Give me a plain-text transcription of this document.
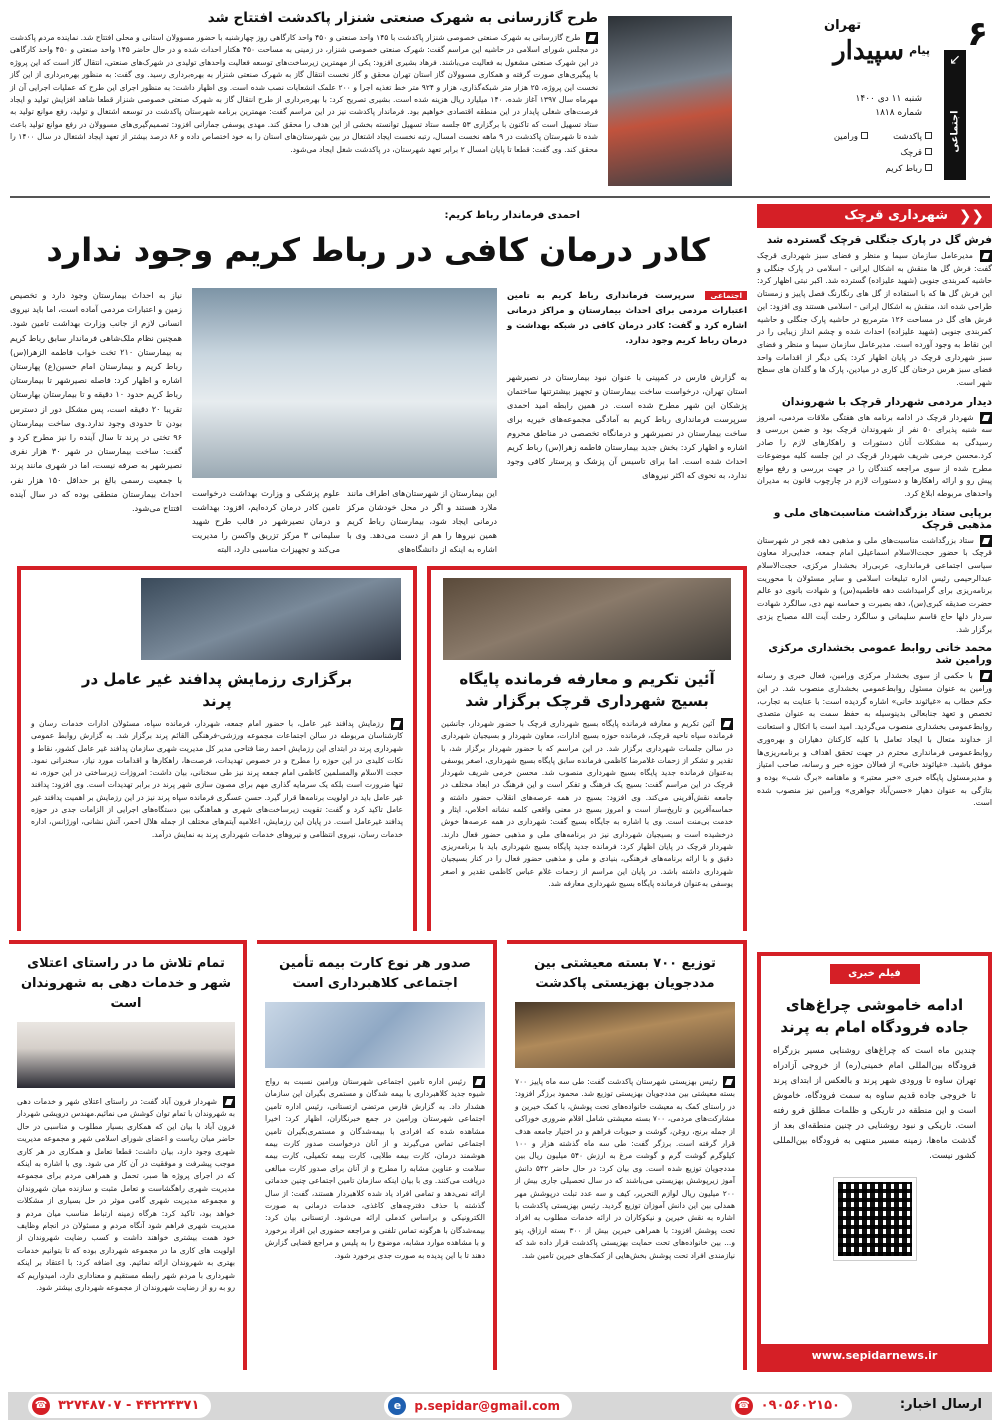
۶
تهران
پیام
سپیدار
شنبه ۱۱ دی ۱۴۰۰
شماره ۱۸۱۸
↙
اجتماعی
پاکدشت
ورامین
قرچک
رباط کریم
طرح گازرسانی به شهرک صنعتی شنزار پاکدشت افتتاح شد
طرح گازرسانی به شهرک صنعتی خصوصی شنزار پاکدشت با ۱۴۵ واحد صنعتی و ۴۵۰ واحد کارگاهی روز چهارشنبه با حضور مسوولان استانی و محلی افتتاح شد. نماینده مردم پاکدشت در مجلس شورای اسلامی در حاشیه این مراسم گفت: شهرک صنعتی خصوصی شنزار، در زمینی به مساحت ۴۵۰ هکتار احداث شده و در حال حاضر ۱۴۵ واحد صنعتی و ۴۵۰ واحد کارگاهی در این شهرک صنعتی مشغول به فعالیت می‌باشند. فرهاد بشیری افزود: یکی از مهمترین زیرساخت‌های توسعه فعالیت واحدهای تولیدی در شهرک‌های صنعتی، انتقال گاز است که این پروژه با پیگیری‌های صورت گرفته و همکاری مسوولان گاز استان تهران محقق و گاز نخست انتقال گاز به شهرک صنعتی شنزار به بهره‌برداری رسید. وی گفت: به منظور بهره‌برداری از این گاز نخست این پروژه، ۲۵ هزار متر شبکه‌گذاری، هزار و ۹۲۴ متر خط تغذیه اجرا و ۲۰۰ علمک انشعابات نصب شده است. وی اظهار داشت: به منظور اجرای این طرح که عملیات اجرایی آن از مهرماه سال ۱۳۹۷ آغاز شده، ۱۴۰ میلیارد ریال هزینه شده است. بشیری تصریح کرد: با بهره‌برداری از طرح انتقال گاز به شهرک صنعتی خصوصی شنزار قطعا شاهد افزایش تولید و ایجاد فرصت‌های شغلی پایدار در این منطقه اقتصادی خواهیم بود. فرماندار پاکدشت نیز در این مراسم گفت: مهمترین برنامه شهرستان پاکدشت در توسعه اشتغال و تولید، رفع موانع تولید به ستاد تسهیل است که تاکنون با برگزاری ۵۳ جلسه ستاد تسهیل توانسته بخشی از این هدف را محقق کند. مهدی یوسفی جمارانی افزود: تصمیم‌گیری‌های مسوولان در رفع موانع تولید باعث شده تا شهرستان پاکدشت در ۹ ماهه نخست امسال، رتبه نخست ایجاد اشتغال در بین شهرستان‌های استان را به خود اختصاص داده و ۸۶ درصد بیشتر از تعهد ایجاد اشتغال در سال ۱۴۰۰ را محقق کند. وی گفت: قطعا تا پایان امسال ۲ برابر تعهد شهرستان، در پاکدشت شغل ایجاد می‌شود.
❮❮
شهرداری قرچک
فرش گل در پارک جنگلی قرچک گسترده شد
مدیرعامل سازمان سیما و منظر و فضای سبز شهرداری قرچک گفت: فرش گل ها منقش به اشکال ایرانی - اسلامی در پارک جنگلی و حاشیه کمربندی جنوبی (شهید علیزاده) گسترده شد. اکبر نبتی اظهار کرد: این فرش گل ها که با استفاده از گل های رنگارنگ فصل پاییز و زمستان طراحی شده اند، منقش به اشکال ایرانی - اسلامی هستند وی افزود: این فرش های گل در مساحت ۱۲۶ مترمربع در حاشیه پارک جنگلی و حاشیه کمربندی جنوبی (شهید علیزاده) احداث شده و چشم انداز زیبایی را در این نقاط به وجود آورده است. مدیرعامل سازمان سیما و منظر و فضای سبز شهرداری قرچک در پایان اظهار کرد: یکی دیگر از اقدامات واحد فضای سبز هرس درختان گل کاری در میادین، پارک ها و گلدان های سطح شهر است.
دیدار مردمی شهردار قرچک با شهروندان
شهردار قرچک در ادامه برنامه های هفتگی ملاقات مردمی، امروز سه شنبه پذیرای ۵۰ نفر از شهروندان قرچک بود و ضمن بررسی و رسیدگی به مشکلات آنان دستورات و راهکارهای لازم را صادر کرد.محسن خرمی شریف شهردار قرچک در این جلسه کلیه موضوعات مطرح شده از سوی مراجعه کنندگان را در جهت بررسی و رفع موانع پیش رو و ارائه راهکارها و دستورات لازم در چارچوب قانون به مدیران واحدهای مربوطه ابلاغ کرد.
برپایی ستاد بزرگداشت مناسبت‌های ملی و مذهبی قرچک
ستاد بزرگداشت مناسبت‌های ملی و مذهبی دهه فجر در شهرستان قرچک با حضور حجت‌الاسلام اسماعیلی امام جمعه، خدایی‌راد معاون سیاسی اجتماعی فرمانداری، عربی‌راد بخشدار مرکزی، حجت‌الاسلام عبدالرحیمی رئیس اداره تبلیغات اسلامی و سایر مسئولان با محوریت برنامه‌ریزی برای گرامیداشت دهه فاطمیه(س) و شهادت بانوی دو عالم حضرت صدیقه کبری(س)، دهه بصیرت و حماسه نهم دی، سالگرد شهادت سردار دلها حاج قاسم سلیمانی و سالگرد رحلت آیت الله مصباح یزدی برگزار شد.
محمد خانی روابط عمومی بخشداری مرکزی ورامین شد
با حکمی از سوی بخشدار مرکزی ورامین، فعال خبری و رسانه ورامین به عنوان مسئول روابط‌عمومی بخشداری منصوب شد. در این حکم خطاب به «غیاثوند خانی» اشاره گردیده است: با عنایت به تجارب، تخصص و تعهد جنابعالی بدینوسیله به حفظ سمت به عنوان متصدی روابط‌عمومی بخشداری منصوب می‌گردید. امید است با اتکال و استعانت از خداوند متعال با ایجاد تعامل با کلیه کارکنان دهیاران و بهره‌وری روابط‌عمومی فرمانداری محترم در جهت تحقق اهداف و برنامه‌ریزی‌ها موفق باشید. «غیاثوند خانی» از فعالان حوزه خبر و رسانه، صاحب امتیاز و مدیرمسئول پایگاه خبری «خبر معتبر» و ماهنامه «برگ شب» بوده و بتازگی به عنوان دهیار «حسن‌آباد جواهری» ورامین نیز منصوب شده است.
فیلم خبری
ادامه خاموشی چراغ‌های جاده فرودگاه امام به پرند
چندین ماه است که چراغ‌های روشنایی مسیر بزرگراه فرودگاه بین‌المللی امام خمینی(ره) از خروجی آزادراه تهران ساوه تا ورودی شهر پرند و بالعکس از ابتدای پرند تا خروجی جاده قدیم ساوه به سمت فرودگاه، خاموش است و این منطقه در تاریکی و ظلمات مطلق فرو رفته است. تاریکی و نبود روشنایی در چنین منطقه‌ای بعد از گذشت ماه‌ها، زمینه مسیر منتهی به فرودگاه بین‌المللی کشور نیست.
www.sepidarnews.ir
احمدی فرماندار رباط کریم:
کادر درمان کافی در رباط کریم وجود ندارد
اجتماعی سرپرست فرمانداری رباط کریم به تامین اعتبارات مردمی برای احداث بیمارستان و مراکز درمانی اشاره کرد و گفت: کادر درمان کافی در شبکه بهداشت و درمان رباط کریم وجود ندارد.
به گزارش فارس در کمپینی با عنوان نبود بیمارستان در نصیرشهر استان تهران، درخواست ساخت بیمارستان و تجهیز بیشترتنها ساختمان پزشکان این شهر مطرح شده است. در همین رابطه امید احمدی سرپرست فرمانداری رباط کریم به آمادگی مجموعه‌های خیریه برای ساخت بیمارستان در نصیرشهر و درمانگاه تخصصی در مناطق محروم اشاره و اظهار کرد: بخش جدید بیمارستان فاطمه زهرا(س) رباط کریم احداث شده است. اما برای تاسیس آن پزشک و پرستار کافی وجود ندارد، به نحوی که اکثر نیروهای
این بیمارستان از شهرستان‌های اطراف مانند ملارد هستند و اگر در محل خودشان مرکز درمانی ایجاد شود، بیمارستان رباط کریم همین نیروها را هم از دست می‌دهد. وی با اشاره به اینکه از دانشگاه‌های
علوم پزشکی و وزارت بهداشت درخواست تامین کادر درمان کرده‌ایم، افزود: بهداشت و درمان نصیرشهر در قالب طرح شهید سلیمانی ۳ مرکز تزریق واکسن را مدیریت می‌کند و تجهیزات مناسبی دارد، البته
نیاز به احداث بیمارستان وجود دارد و تخصیص زمین و اعتبارات مردمی آماده است، اما باید نیروی انسانی لازم از جانب وزارت بهداشت تامین شود. همچنین نظام ملک‌شاهی فرماندار سابق رباط کریم به بیمارستان ۲۱۰ تخت خواب فاطمه الزهرا(س) رباط کریم و بیمارستان امام حسین(ع) پهارستان اشاره و اظهار کرد: فاصله نصیرشهر تا بیمارستان رباط کریم حدود ۱۰ دقیقه و تا بیمارستان بهارستان تقریبا ۲۰ دقیقه است، پس مشکل دور از دسترس بودن تا حدودی وجود ندارد.وی ساخت بیمارستان ۹۶ تختی در پرند تا سال آینده را نیز مطرح کرد و گفت: ساخت بیمارستان در شهر ۳۰ هزار نفری نصیرشهر به صرفه نیست، اما در شهری مانند پرند با جمعیت رسمی بالغ بر حداقل ۱۵۰ هزار نفر، احداث بیمارستان منطقی بوده که در سال آینده افتتاح می‌شود.
آئین تکریم و معارفه فرمانده پایگاه بسیج شهرداری قرچک برگزار شد
آئین تکریم و معارفه فرمانده پایگاه بسیج شهرداری قرچک با حضور شهردار، جانشین فرمانده سپاه ناحیه قرچک، فرمانده حوزه بسیج ادارات، معاون شهردار و بسیجیان شهرداری در سالن جلسات شهرداری برگزار شد. در این مراسم که با حضور شهردار برگزار شد، با تقدیر و تشکر از زحمات غلامرضا کاظمی فرمانده سابق پایگاه بسیج شهرداری، اصغر یوسفی به‌عنوان فرمانده جدید پایگاه بسیج شهرداری منصوب شد. محسن خرمی شریف شهردار قرچک در این مراسم گفت: بسیج یک فرهنگ و تفکر است و این فرهنگ در ابعاد مختلف در جامعه نقش‌آفرینی می‌کند. وی افزود: بسیج در همه عرصه‌های انقلاب حضور داشته و حماسه‌آفرین و تاریخ‌ساز است و امروز بسیج در معنی واقعی کلمه نشانه اخلاص، ایثار و خدمت بی‌منت است. وی با اشاره به جایگاه بسیج گفت: شهرداری در همه عرصه‌ها خوش درخشیده است و بسیجیان شهرداری نیز در برنامه‌های ملی و مذهبی حضور فعال دارند. شهردار قرچک در پایان اظهار کرد: فرمانده جدید پایگاه بسیج شهرداری باید با برنامه‌ریزی دقیق و با ارائه برنامه‌های فرهنگی، بنیادی و ملی و مذهبی حضور فعال را در کنار بسیجیان شهرداری داشته باشد. در پایان این مراسم از زحمات غلام عباس کاظمی تقدیر و اصغر یوسفی به‌عنوان فرمانده پایگاه بسیج شهرداری معارفه شد.
برگزاری رزمایش پدافند غیر عامل در پرند
رزمایش پدافند غیر عامل، با حضور امام جمعه، شهردار، فرمانده سپاه، مسئولان ادارات خدمات رسان و کارشناسان مربوطه در سالن اجتماعات مجموعه ورزشی-فرهنگی القائم پرند برگزار شد. به گزارش روابط عمومی شهرداری پرند در ابتدای این رزمایش احمد رضا فتاحی مدیر کل مدیریت شهری سازمان پدافند غیر عامل کشور، نقاط و نکات کلیدی در این حوزه را مطرح و در خصوص تهدیدات، فرصت‌ها، راهکارها و اقدامات مورد نیاز، سخنرانی نمود. حجت الاسلام والمسلمین کاظمی امام جمعه پرند نیز طی سخنانی، بیان داشت: امروزات زیرساختی در این حوزه، نه تنها ضرورت است بلکه یک سرمایه گذاری مهم برای مصون سازی شهر پرند در برابر تهدیدات است. وی افزود: پدافند غیر عامل باید در اولویت برنامه‌ها قرار گیرد. حسن عسگری فرمانده سپاه پرند نیز در این رزمایش بر اهمیت پدافند غیر عامل تاکید کرد و گفت: تقویت زیرساخت‌های شهری و هماهنگی بین دستگاه‌های اجرایی از الزامات جدی در حوزه پدافند غیرعامل است. در پایان این رزمایش، اعلامیه آیتم‌های مختلف از جمله هلال احمر، آتش نشانی، اورژانس، اداره خدمات رسان، نیروی انتظامی و نیروهای خدمات شهرداری پرند به نمایش درآمد.
توزیع ۷۰۰ بسته معیشتی بین مددجویان بهزیستی پاکدشت
رئیس بهزیستی شهرستان پاکدشت گفت: طی سه ماه پاییز ۷۰۰ بسته معیشتی بین مددجویان بهزیستی توزیع شد. محمود برزگر افزود: در راستای کمک به معیشت خانواده‌های تحت پوشش، با کمک خیرین و مشارکت‌های مردمی، ۷۰۰ بسته معیشتی شامل اقلام ضروری خوراکی از جمله برنج، روغن، گوشت و حبوبات فراهم و در اختیار جامعه هدف قرار گرفته است. برزگر گفت: طی سه ماه گذشته هزار و ۱۰۰ کیلوگرم گوشت گرم و گوشت مرغ به ارزش ۵۴۰ میلیون ریال بین مددجویان توزیع شده است. وی بیان کرد: در حال حاضر ۵۴۲ دانش آموز زیرپوشش بهزیستی می‌باشند که در سال تحصیلی جاری بیش از ۲۰۰ میلیون ریال لوازم التحریر، کیف و سه عدد تبلت درپوشش مهر همدلی بین این دانش آموزان توزیع گردید. رئیس بهزیستی پاکدشت با اشاره به نقش خیرین و نیکوکاران در ارائه خدمات مطلوب به افراد تحت پوشش افزود: با همراهی خیرین بیش از ۳۰۰ بسته ارزاق، پتو و... بین خانواده‌های تحت حمایت بهزیستی پاکدشت قرار داده شد که نیازمندی افراد تحت پوشش بخش‌هایی از کمک‌های خیرین تامین شد.
صدور هر نوع کارت بیمه تأمین اجتماعی کلاهبرداری است
رئیس اداره تامین اجتماعی شهرستان ورامین نسبت به رواج شیوه جدید کلاهبرداری با بیمه شدگان و مستمری بگیران این سازمان هشدار داد. به گزارش فارس مرتضی ارتستانی، رئیس اداره تامین اجتماعی شهرستان ورامین در جمع خبرنگاران، اظهار کرد: اخیرا مشاهده شده که افرادی با بیمه‌شدگان و مستمری‌بگیران تامین اجتماعی تماس می‌گیرند و از آنان درخواست صدور کارت بیمه هوشمند درمان، کارت بیمه طلایی، کارت بیمه تکمیلی، کارت بیمه سلامت و عناوین مشابه را مطرح و از آنان برای صدور کارت مبالغی دریافت می‌کنند. وی با بیان اینکه سازمان تامین اجتماعی چنین خدماتی ارائه نمی‌دهد و تمامی افراد یاد شده کلاهبردار هستند، گفت: از سال گذشته با حذف دفترچه‌های کاغذی، خدمات درمانی به صورت الکترونیکی و براساس کدملی ارائه می‌شود. ارتستانی بیان کرد: بیمه‌شدگان با هرگونه تماس تلفنی و مراجعه حضوری این افراد برخورد و با مشاهده موارد مشابه، موضوع را به پلیس و مراجع قضایی گزارش دهند تا با این پدیده به صورت جدی برخورد شود.
تمام تلاش ما در راستای اعتلای شهر و خدمات دهی به شهروندان است
شهردار فرون آباد گفت: در راستای اعتلای شهر و خدمات دهی به شهروندان با تمام توان کوشش می نمائیم.مهندس درویشی شهردار فرون آباد با بیان این که همکاری بسیار مطلوب و مناسبی در حال حاضر میان ریاست و اعضای شورای اسلامی شهر و مجموعه مدیریت شهری وجود دارد، بیان داشت: قطعا تعامل و همکاری در هر کاری موجب پیشرفت و موفقیت در آن کار می شود. وی با اشاره به اینکه که در اجرای پروژه ها صبر، تحمل و همراهی مردم برای مجموعه مدیریت شهری راهگشاست و تعامل مثبت و سازنده میان شهروندان و مجموعه مدیریت شهری گامی موثر در حل بسیاری از مشکلات خواهد بود، تاکید کرد: هرگاه زمینه ارتباط مناسب میان مردم و مدیریت شهری فراهم شود آنگاه مردم و مسئولان در انجام وظایف خود همت بیشتری خواهند داشت و کسب رضایت شهروندان از اولویت های کاری ما در مجموعه شهرداری بوده که تا بتوانیم خدمات بهتری به شهروندان ارائه نمائیم. وی اضافه کرد: با اعتقاد بر اینکه شهرداری با مردم شهر رابطه مستقیم و معناداری دارد، امیدواریم که رو به رو از رضایت شهروندان از مجموعه شهرداری بیشتر شود.
ارسال اخبار:
☎ ۰۹۰۵۶۰۲۱۵۰
e	p.sepidar@gmail.com
☎ ۳۲۷۴۸۷۰۷ - ۴۴۲۲۴۳۷۱
